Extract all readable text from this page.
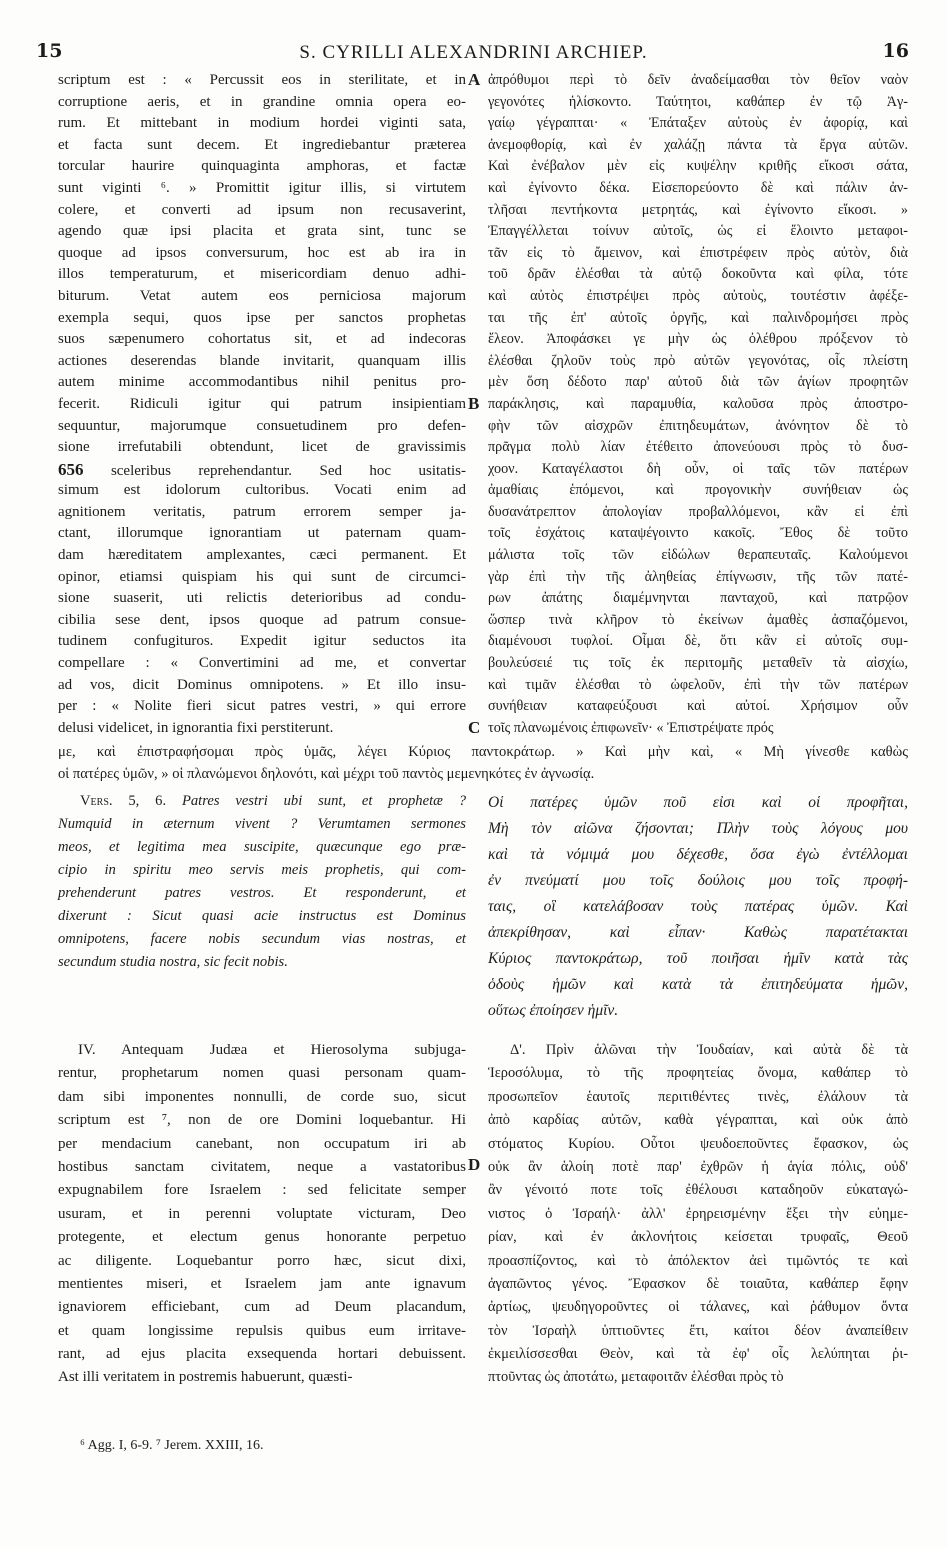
15	S. CYRILLI ALEXANDRINI ARCHIEP.	16
scriptum est : « Percussit eos in sterilitate, et in
corruptione aeris, et in grandine omnia opera eo-
rum. Et mittebant in modium hordei viginti sata,
et facta sunt decem. Et ingrediebantur præterea
torcular haurire quinquaginta amphoras, et factæ
sunt viginti ⁶. » Promittit igitur illis, si virtutem
colere, et converti ad ipsum non recusaverint,
agendo quæ ipsi placita et grata sint, tunc se
quoque ad ipsos conversurum, hoc est ab ira in
illos temperaturum, et misericordiam denuo adhi-
biturum. Vetat autem eos perniciosa majorum
exempla sequi, quos ipse per sanctos prophetas
suos sæpenumero cohortatus sit, et ad indecoras
actiones deserendas blande invitarit, quanquam illis
autem minime accommodantibus nihil penitus pro-
fecerit. Ridiculi igitur qui patrum insipientiam
sequuntur, majorumque consuetudinem pro defen-
sione irrefutabili obtendunt, licet de gravissimis
656 sceleribus reprehendantur. Sed hoc usitatis-
simum est idolorum cultoribus. Vocati enim ad
agnitionem veritatis, patrum errorem semper ja-
ctant, illorumque ignorantiam ut paternam quam-
dam hæreditatem amplexantes, cæci permanent. Et
opinor, etiamsi quispiam his qui sunt de circumci-
sione suaserit, uti relictis deterioribus ad condu-
cibilia sese dent, ipsos quoque ad patrum consue-
tudinem confugituros. Expedit igitur seductos ita
compellare : « Convertimini ad me, et convertar
ad vos, dicit Dominus omnipotens. » Et illo insu-
per : « Nolite fieri sicut patres vestri, » qui errore
delusi videlicet, in ignorantia fixi perstiterunt.
ἀπρόθυμοι περὶ τὸ δεῖν ἀναδείμασθαι τὸν θεῖον ναὸν
γεγονότες ἡλίσκοντο. Ταύτητοι, καθάπερ ἐν τῷ Ἀγ-
γαίῳ γέγραπται· « Ἐπάταξεν αὐτοὺς ἐν ἀφορίᾳ, καὶ
ἀνεμοφθορίᾳ, καὶ ἐν χαλάζῃ πάντα τὰ ἔργα αὐτῶν.
Καὶ ἐνέβαλον μὲν εἰς κυψέλην κριθῆς εἴκοσι σάτα,
καὶ ἐγίνοντο δέκα. Εἰσεπορεύοντο δὲ καὶ πάλιν ἀν-
τλῆσαι πεντήκοντα μετρητάς, καὶ ἐγίνοντο εἴκοσι. »
Ἐπαγγέλλεται τοίνυν αὐτοῖς, ὡς εἰ ἕλοιντο μεταφοι-
τᾶν εἰς τὸ ἄμεινον, καὶ ἐπιστρέφειν πρὸς αὐτὸν, διὰ
τοῦ δρᾶν ἑλέσθαι τὰ αὐτῷ δοκοῦντα καὶ φίλα, τότε
καὶ αὐτὸς ἐπιστρέψει πρὸς αὐτοὺς, τουτέστιν ἀφέξε-
ται τῆς ἐπ' αὐτοῖς ὀργῆς, καὶ παλινδρομήσει πρὸς
ἔλεον. Ἀποφάσκει γε μὴν ὡς ὀλέθρου πρόξενον τὸ
ἑλέσθαι ζηλοῦν τοὺς πρὸ αὐτῶν γεγονότας, οἷς πλείστη
μὲν ὅση δέδοτο παρ' αὐτοῦ διὰ τῶν ἁγίων προφητῶν
παράκλησις, καὶ παραμυθία, καλοῦσα πρὸς ἀποστρο-
φὴν τῶν αἰσχρῶν ἐπιτηδευμάτων, ἀνόνητον δὲ τὸ
πρᾶγμα πολὺ λίαν ἐτέθειτο ἀπονεύουσι πρὸς τὸ δυσ-
χοον. Καταγέλαστοι δὴ οὖν, οἱ ταῖς τῶν πατέρων
ἀμαθίαις ἑπόμενοι, καὶ προγονικὴν συνήθειαν ὡς
δυσανάτρεπτον ἀπολογίαν προβαλλόμενοι, κἂν εἰ ἐπὶ
τοῖς ἐσχάτοις καταψέγοιντο κακοῖς. Ἔθος δὲ τοῦτο
μάλιστα τοῖς τῶν εἰδώλων θεραπευταῖς. Καλούμενοι
γὰρ ἐπὶ τὴν τῆς ἀληθείας ἐπίγνωσιν, τῆς τῶν πατέ-
ρων ἀπάτης διαμέμνηνται πανταχοῦ, καὶ πατρῷον
ὥσπερ τινὰ κλῆρον τὸ ἐκείνων ἀμαθὲς ἀσπαζόμενοι,
διαμένουσι τυφλοί. Οἶμαι δὲ, ὅτι κἂν εἰ αὐτοῖς συμ-
βουλεύσειέ τις τοῖς ἐκ περιτομῆς μεταθεῖν τὰ αἰσχίω,
καὶ τιμᾶν ἑλέσθαι τὸ ὠφελοῦν, ἐπὶ τὴν τῶν πατέρων
συνήθειαν καταφεύξουσι καὶ αὐτοί. Χρήσιμον οὖν
τοῖς πλανωμένοις ἐπιφωνεῖν· « Ἐπιστρέψατε πρός
A
B
C
D
με, καὶ ἐπιστραφήσομαι πρὸς ὑμᾶς, λέγει Κύριος παντοκράτωρ. » Καὶ μὴν καὶ, « Μὴ γίνεσθε καθὼς
οἱ πατέρες ὑμῶν, » οἱ πλανώμενοι δηλονότι, καὶ μέχρι τοῦ παντὸς μεμενηκότες ἐν ἀγνωσίᾳ.
Vers. 5, 6. Patres vestri ubi sunt, et prophetæ ?
Numquid in æternum vivent ? Verumtamen sermones
meos, et legitima mea suscipite, quæcunque ego præ-
cipio in spiritu meo servis meis prophetis, qui com-
prehenderunt patres vestros. Et responderunt, et
dixerunt : Sicut quasi acie instructus est Dominus
omnipotens, facere nobis secundum vias nostras, et
secundum studia nostra, sic fecit nobis.
Οἱ πατέρες ὑμῶν ποῦ εἰσι καὶ οἱ προφῆται,
Μὴ τὸν αἰῶνα ζήσονται; Πλὴν τοὺς λόγους μου
καὶ τὰ νόμιμά μου δέχεσθε, ὅσα ἐγὼ ἐντέλλομαι
ἐν πνεύματί μου τοῖς δούλοις μου τοῖς προφή-
ταις, οἳ κατελάβοσαν τοὺς πατέρας ὑμῶν. Καὶ
ἀπεκρίθησαν, καὶ εἶπαν· Καθὼς παρατέτακται
Κύριος παντοκράτωρ, τοῦ ποιῆσαι ἡμῖν κατὰ τὰς
ὁδοὺς ἡμῶν καὶ κατὰ τὰ ἐπιτηδεύματα ἡμῶν,
οὕτως ἐποίησεν ἡμῖν.
IV. Antequam Judæa et Hierosolyma subjuga-
rentur, prophetarum nomen quasi personam quam-
dam sibi imponentes nonnulli, de corde suo, sicut
scriptum est ⁷, non de ore Domini loquebantur. Hi
per mendacium canebant, non occupatum iri ab
hostibus sanctam civitatem, neque a vastatoribus
expugnabilem fore Israelem : sed felicitate semper
usuram, et in perenni voluptate victuram, Deo
protegente, et electum genus honorante perpetuo
ac diligente. Loquebantur porro hæc, sicut dixi,
mentientes miseri, et Israelem jam ante ignavum
ignaviorem efficiebant, cum ad Deum placandum,
et quam longissime repulsis quibus eum irritave-
rant, ad ejus placita exsequenda hortari debuissent.
Ast illi veritatem in postremis habuerunt, quæsti-
Δ'. Πρὶν ἁλῶναι τὴν Ἰουδαίαν, καὶ αὐτὰ δὲ τὰ
Ἱεροσόλυμα, τὸ τῆς προφητείας ὄνομα, καθάπερ τὸ
προσωπεῖον ἑαυτοῖς περιτιθέντες τινὲς, ἐλάλουν τὰ
ἀπὸ καρδίας αὐτῶν, καθὰ γέγραπται, καὶ οὐκ ἀπὸ
στόματος Κυρίου. Οὗτοι ψευδοεποῦντες ἔφασκον, ὡς
οὐκ ἂν ἁλοίη ποτὲ παρ' ἐχθρῶν ἡ ἁγία πόλις, οὐδ'
ἂν γένοιτό ποτε τοῖς ἐθέλουσι καταδηοῦν εὐκαταγώ-
νιστος ὁ Ἰσραήλ· ἀλλ' ἐρηρεισμένην ἕξει τὴν εὐημε-
ρίαν, καὶ ἐν ἀκλονήτοις κείσεται τρυφαῖς, Θεοῦ
προασπίζοντος, καὶ τὸ ἀπόλεκτον ἀεὶ τιμῶντός τε καὶ
ἀγαπῶντος γένος. Ἔφασκον δὲ τοιαῦτα, καθάπερ ἔφην
ἀρτίως, ψευδηγοροῦντες οἱ τάλανες, καὶ ῥάθυμον ὄντα
τὸν Ἰσραὴλ ὑπτιοῦντες ἔτι, καίτοι δέον ἀναπείθειν
ἐκμειλίσσεσθαι Θεὸν, καὶ τὰ ἐφ' οἷς λελύπηται ῥι-
πτοῦντας ὡς ἀποτάτω, μεταφοιτᾶν ἑλέσθαι πρὸς τὸ
⁶ Agg. I, 6-9. ⁷ Jerem. XXIII, 16.
